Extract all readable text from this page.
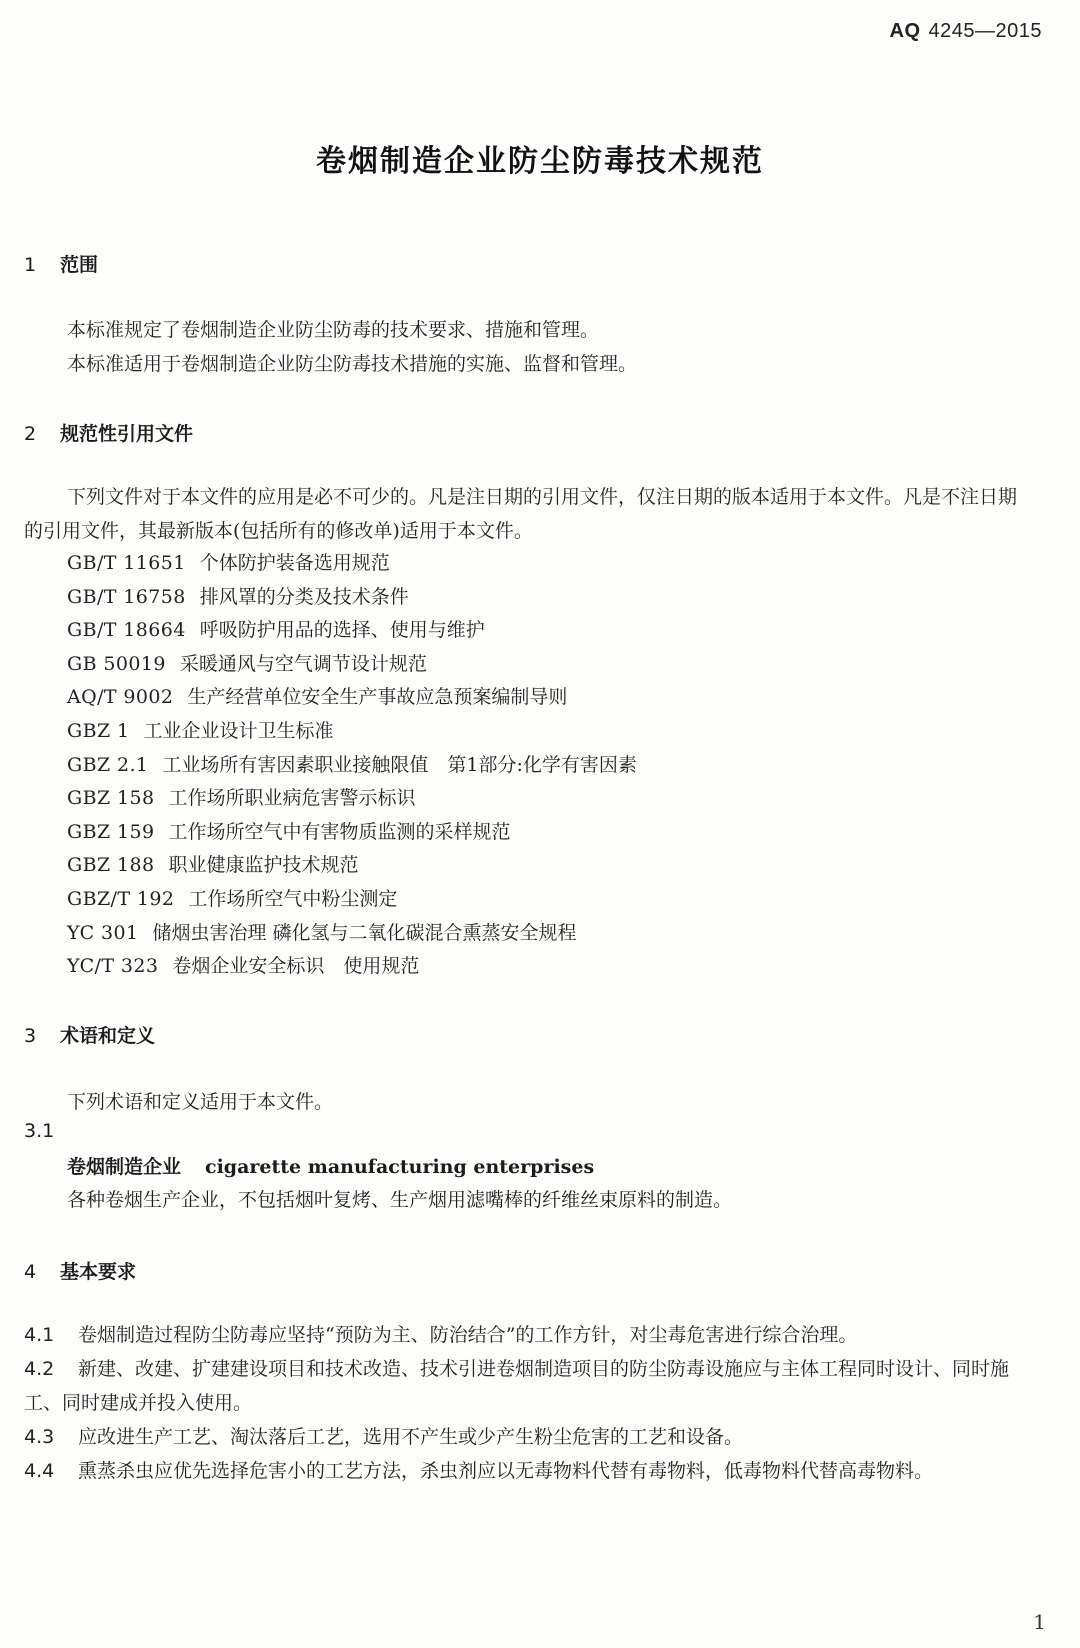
AQ 4245—2015
卷烟制造企业防尘防毒技术规范
1 范围
本标准规定了卷烟制造企业防尘防毒的技术要求、措施和管理。
本标准适用于卷烟制造企业防尘防毒技术措施的实施、监督和管理。
2 规范性引用文件
下列文件对于本文件的应用是必不可少的。凡是注日期的引用文件，仅注日期的版本适用于本文件。凡是不注日期的引用文件，其最新版本(包括所有的修改单)适用于本文件。
GB/T 11651 个体防护装备选用规范
GB/T 16758 排风罩的分类及技术条件
GB/T 18664 呼吸防护用品的选择、使用与维护
GB 50019 采暖通风与空气调节设计规范
AQ/T 9002 生产经营单位安全生产事故应急预案编制导则
GBZ 1 工业企业设计卫生标准
GBZ 2.1 工业场所有害因素职业接触限值　第1部分:化学有害因素
GBZ 158 工作场所职业病危害警示标识
GBZ 159 工作场所空气中有害物质监测的采样规范
GBZ 188 职业健康监护技术规范
GBZ/T 192 工作场所空气中粉尘测定
YC 301 储烟虫害治理 磷化氢与二氧化碳混合熏蒸安全规程
YC/T 323 卷烟企业安全标识　使用规范
3 术语和定义
下列术语和定义适用于本文件。
3.1
卷烟制造企业 cigarette manufacturing enterprises
各种卷烟生产企业，不包括烟叶复烤、生产烟用滤嘴棒的纤维丝束原料的制造。
4 基本要求
4.1 卷烟制造过程防尘防毒应坚持“预防为主、防治结合”的工作方针，对尘毒危害进行综合治理。
4.2 新建、改建、扩建建设项目和技术改造、技术引进卷烟制造项目的防尘防毒设施应与主体工程同时设计、同时施工、同时建成并投入使用。
4.3 应改进生产工艺、淘汰落后工艺，选用不产生或少产生粉尘危害的工艺和设备。
4.4 熏蒸杀虫应优先选择危害小的工艺方法，杀虫剂应以无毒物料代替有毒物料，低毒物料代替高毒物料。
1
